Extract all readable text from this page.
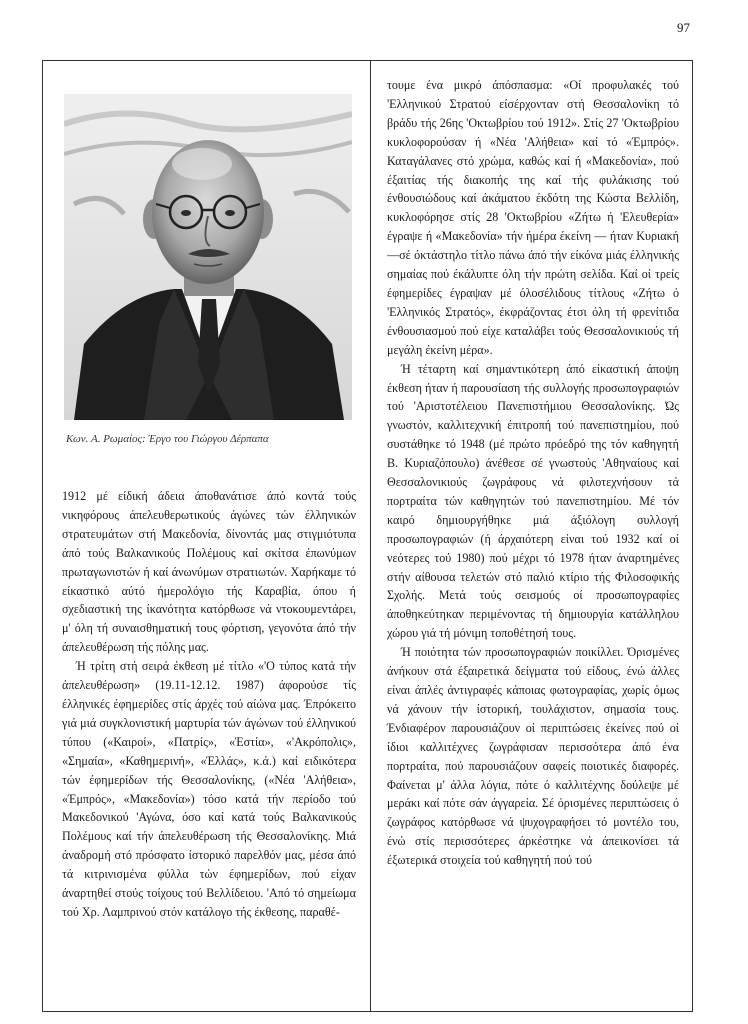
97
Κων. Α. Ρωμαίος: Έργο του Γιώργου Δέρπαπα

1912 μέ είδική άδεια άποθανάτισε άπό κοντά τούς νικηφόρους άπελευθερωτικούς άγώνες τών έλληνικών στρατευμάτων στή Μακεδονία, δίνοντάς μας στιγμιότυπα άπό τούς Βαλκανικούς Πολέμους καί σκίτσα έπωνύμων πρωταγωνιστών ή καί άνωνύμων στρατιωτών. Χαρήκαμε τό είκαστικό αύτό ήμερολόγιο τής Καραβία, όπου ή σχεδιαστική της ίκανότητα κατόρθωσε νά ντοκουμεντάρει, μ' όλη τή συναισθηματική τους φόρτιση, γεγονότα άπό τήν άπελευθέρωση τής πόλης μας.

Ή τρίτη στή σειρά έκθεση μέ τίτλο «'Ο τύπος κατά τήν άπελευθέρωση» (19.11-12.12. 1987) άφορούσε τίς έλληνικές έφημερίδες στίς άρχές τού αίώνα μας. Έπρόκειτο γιά μιά συγκλονιστική μαρτυρία τών άγώνων τού έλληνικού τύπου («Καιροί», «Πατρίς», «Έστία», «'Ακρόπολις», «Σημαία», «Καθημερινή», «Έλλάς», κ.ά.) καί ειδικότερα τών έφημερίδων τής Θεσσαλονίκης, («Νέα 'Αλήθεια», «Έμπρός», «Μακεδονία») τόσο κατά τήν περίοδο τού Μακεδονικού 'Αγώνα, όσο καί κατά τούς Βαλκανικούς Πολέμους καί τήν άπελευθέρωση τής Θεσσαλονίκης. Μιά άναδρομή στό πρόσφατο ίστορικό παρελθόν μας, μέσα άπό τά κιτρινισμένα φύλλα τών έφημερίδων, πού είχαν άναρτηθεί στούς τοίχους τού Βελλίδειου. 'Από τό σημείωμα τού Χρ. Λαμπρινού στόν κατάλογο τής έκθεσης, παραθέ-

τουμε ένα μικρό άπόσπασμα: «Οί προφυλακές τού 'Ελληνικού Στρατού είσέρχονταν στή Θεσσαλονίκη τό βράδυ τής 26ης 'Οκτωβρίου τού 1912». Στίς 27 'Οκτωβρίου κυκλοφορούσαν ή «Νέα 'Αλήθεια» καί τό «Έμπρός». Καταγάλανες στό χρώμα, καθώς καί ή «Μακεδονία», πού έξαιτίας τής διακοπής της καί τής φυλάκισης τού ένθουσιώδους καί άκάματου έκδότη της Κώστα Βελλίδη, κυκλοφόρησε στίς 28 'Οκτωβρίου «Ζήτω ή 'Ελευθερία» έγραψε ή «Μακεδονία» τήν ήμέρα έκείνη — ήταν Κυριακή—σέ όκτάστηλο τίτλο πάνω άπό τήν είκόνα μιάς έλληνικής σημαίας πού έκάλυπτε όλη τήν πρώτη σελίδα. Καί οί τρείς έφημερίδες έγραψαν μέ όλοσέλιδους τίτλους «Ζήτω ό 'Ελληνικός Στρατός», έκφράζοντας έτσι όλη τή φρενίτιδα ένθουσιασμού πού είχε καταλάβει τούς Θεσσαλονικιούς τή μεγάλη έκείνη μέρα».

Ή τέταρτη καί σημαντικότερη άπό είκαστική άποψη έκθεση ήταν ή παρουσίαση τής συλλογής προσωπογραφιών τού 'Αριστοτέλειου Πανεπιστήμιου Θεσσαλονίκης. Ώς γνωστόν, καλλιτεχνική έπιτροπή τού πανεπιστημίου, πού συστάθηκε τό 1948 (μέ πρώτο πρόεδρό της τόν καθηγητή Β. Κυριαζόπουλο) άνέθεσε σέ γνωστούς 'Αθηναίους καί Θεσσαλονικιούς ζωγράφους νά φιλοτεχνήσουν τά πορτραίτα τών καθηγητών τού πανεπιστημίου. Μέ τόν καιρό δημιουργήθηκε μιά άξιόλογη συλλογή προσωπογραφιών (ή άρχαιότερη είναι τού 1932 καί οί νεότερες τού 1980) πού μέχρι τό 1978 ήταν άναρτημένες στήν αίθουσα τελετών στό παλιό κτίριο τής Φιλοσοφικής Σχολής. Μετά τούς σεισμούς οί προσωπογραφίες άποθηκεύτηκαν περιμένοντας τή δημιουργία κατάλληλου χώρου γιά τή μόνιμη τοποθέτησή τους.

Ή ποιότητα τών προσωπογραφιών ποικίλλει. Όρισμένες άνήκουν στά έξαιρετικά δείγματα τού είδους, ένώ άλλες είναι άπλές άντιγραφές κάποιας φωτογραφίας, χωρίς όμως νά χάνουν τήν ίστορική, τουλάχιστον, σημασία τους. Ένδιαφέρον παρουσιάζουν οί περιπτώσεις έκείνες πού οί ίδιοι καλλιτέχνες ζωγράφισαν περισσότερα άπό ένα πορτραίτα, πού παρουσιάζουν σαφείς ποιοτικές διαφορές. Φαίνεται μ' άλλα λόγια, πότε ό καλλιτέχνης δούλεψε μέ μεράκι καί πότε σάν άγγαρεία. Σέ όρισμένες περιπτώσεις ό ζωγράφος κατόρθωσε νά ψυχογραφήσει τό μοντέλο του, ένώ στίς περισσότερες άρκέστηκε νά άπεικονίσει τά έξωτερικά στοιχεία τού καθηγητή πού τού
